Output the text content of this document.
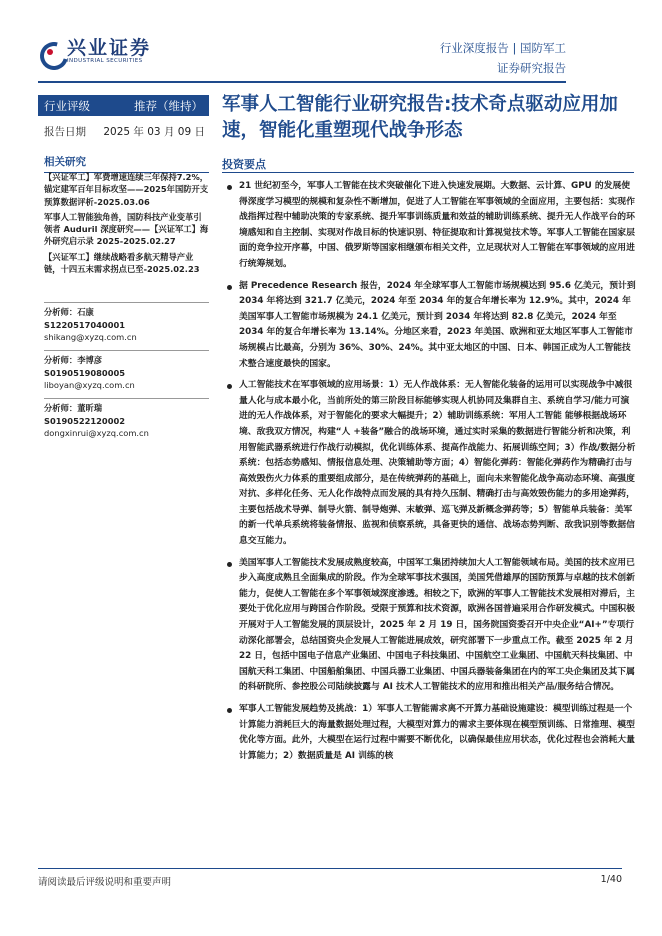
兴业证券
INDUSTRIAL SECURITIES
行业深度报告 | 国防军工
证券研究报告
行业评级	推荐（维持）
报告日期 2025 年 03 月 09 日
军事人工智能行业研究报告:技术奇点驱动应用加速，智能化重塑现代战争形态
相关研究
【兴证军工】军费增速连续三年保持7.2%，锚定建军百年目标攻坚——2025年国防开支预算数据评析-2025.03.06
军事人工智能独角兽，国防科技产业变革引领者 Auduril 深度研究——【兴证军工】海外研究启示录 2025-2025.02.27
【兴证军工】继续战略看多航天精导产业链，十四五末需求拐点已至-2025.02.23
分析师：石康
S1220517040001
shikang@xyzq.com.cn
分析师：李博彦
S0190519080005
liboyan@xyzq.com.cn
分析师：董昕瑞
S0190522120002
dongxinrui@xyzq.com.cn
投资要点
21 世纪初至今，军事人工智能在技术突破催化下进入快速发展期。大数据、云计算、GPU 的发展使得深度学习模型的规模和复杂性不断增加，促进了人工智能在军事领域的全面应用，主要包括：实现作战指挥过程中辅助决策的专家系统、提升军事训练质量和效益的辅助训练系统、提升无人作战平台的环境感知和自主控制、实现对作战目标的快速识别、特征提取和计算视觉技术等。军事人工智能在国家层面的竞争拉开序幕，中国、俄罗斯等国家相继颁布相关文件，立足现状对人工智能在军事领域的应用进行统筹规划。
据 Precedence Research 报告，2024 年全球军事人工智能市场规模达到 95.6 亿美元，预计到 2034 年将达到 321.7 亿美元，2024 年至 2034 年的复合年增长率为 12.9%。其中，2024 年美国军事人工智能市场规模为 24.1 亿美元，预计到 2034 年将达到 82.8 亿美元，2024 年至 2034 年的复合年增长率为 13.14%。分地区来看，2023 年美国、欧洲和亚太地区军事人工智能市场规模占比最高，分别为 36%、30%、24%。其中亚太地区的中国、日本、韩国正成为人工智能技术整合速度最快的国家。
人工智能技术在军事领域的应用场景：1）无人作战体系：无人智能化装备的运用可以实现战争中减很量人化与成本最小化，当前所处的第三阶段目标能够实现人机协同及集群自主、系统自学习/能力可演进的无人作战体系，对于智能化的要求大幅提升；2）辅助训练系统：军用人工智能 能够根据战场环境、敌我双方情况，构建“人 +装备”融合的战场环境，通过实时采集的数据进行智能分析和决策，利用智能武器系统进行作战行动模拟，优化训练体系、提高作战能力、拓展训练空间；3）作战/数据分析系统：包括态势感知、情报信息处理、决策辅助等方面；4）智能化弹药：智能化弹药作为精确打击与高效毁伤火力体系的重要组成部分，是在传统弹药的基础上，面向未来智能化战争高动态环境、高强度对抗、多样化任务、无人化作战特点而发展的具有持久压制、精确打击与高效毁伤能力的多用途弹药，主要包括战术导弹、制导火箭、制导炮弹、末敏弹、巡飞弹及新概念弹药等；5）智能单兵装备：美军的新一代单兵系统将装备情报、监视和侦察系统，具备更快的通信、战场态势判断、敌我识别等数据信息交互能力。
美国军事人工智能技术发展成熟度较高，中国军工集团持续加大人工智能领域布局。美国的技术应用已步入高度成熟且全面集成的阶段。作为全球军事技术强国，美国凭借雄厚的国防预算与卓越的技术创新能力，促使人工智能在多个军事领域深度渗透。相较之下，欧洲的军事人工智能技术发展相对滞后，主要处于优化应用与跨国合作阶段。受限于预算和技术资源，欧洲各国普遍采用合作研发模式。中国积极开展对于人工智能发展的顶层设计，2025 年 2 月 19 日，国务院国资委召开中央企业“AI+”专项行动深化部署会，总结国资央企发展人工智能进展成效，研究部署下一步重点工作。截至 2025 年 2 月 22 日，包括中国电子信息产业集团、中国电子科技集团、中国航空工业集团、中国航天科技集团、中国航天科工集团、中国船舶集团、中国兵器工业集团、中国兵器装备集团在内的军工央企集团及其下属的科研院所、参控股公司陆续披露与 AI 技术人工智能技术的应用和推出相关产品/服务结合情况。
军事人工智能发展趋势及挑战：1）军事人工智能需求离不开算力基础设施建设：模型训练过程是一个计算能力消耗巨大的海量数据处理过程，大模型对算力的需求主要体现在模型预训练、日常推理、模型优化等方面。此外，大模型在运行过程中需要不断优化，以确保最佳应用状态，优化过程也会消耗大量计算能力；2）数据质量是 AI 训练的核
请阅读最后评级说明和重要声明	1/40
